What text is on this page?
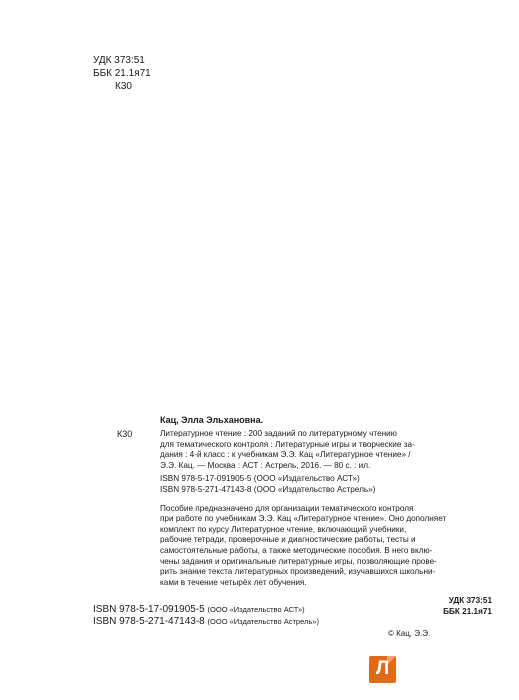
УДК 373:51
ББК 21.1я71
К30
Кац, Элла Эльхановна.
К30	Литературное чтение : 200 заданий по литературному чтению
для тематического контроля : Литературные игры и творческие за-
дания : 4-й класс : к учебникам Э.Э. Кац «Литературное чтение» /
Э.Э. Кац. — Москва : АСТ : Астрель, 2016. — 80 с. : ил.
ISBN 978-5-17-091905-5 (ООО «Издательство АСТ»)
ISBN 978-5-271-47143-8 (ООО «Издательство Астрель»)
Пособие предназначено для организации тематического контроля
при работе по учебникам Э.Э. Кац «Литературное чтение». Оно дополняет
комплект по курсу Литературное чтение, включающий учебники,
рабочие тетради, проверочные и диагностические работы, тесты и
самостоятельные работы, а также методические пособия. В него вклю-
чены задания и оригинальные литературные игры, позволяющие прове-
рить знание текста литературных произведений, изучавшихся школьни-
ками в течение четырёх лет обучения.
УДК 373:51
ББК 21.1я71
ISBN 978-5-17-091905-5 (ООО «Издательство АСТ»)
ISBN 978-5-271-47143-8 (ООО «Издательство Астрель»)
© Кац, Э.Э.
Л
